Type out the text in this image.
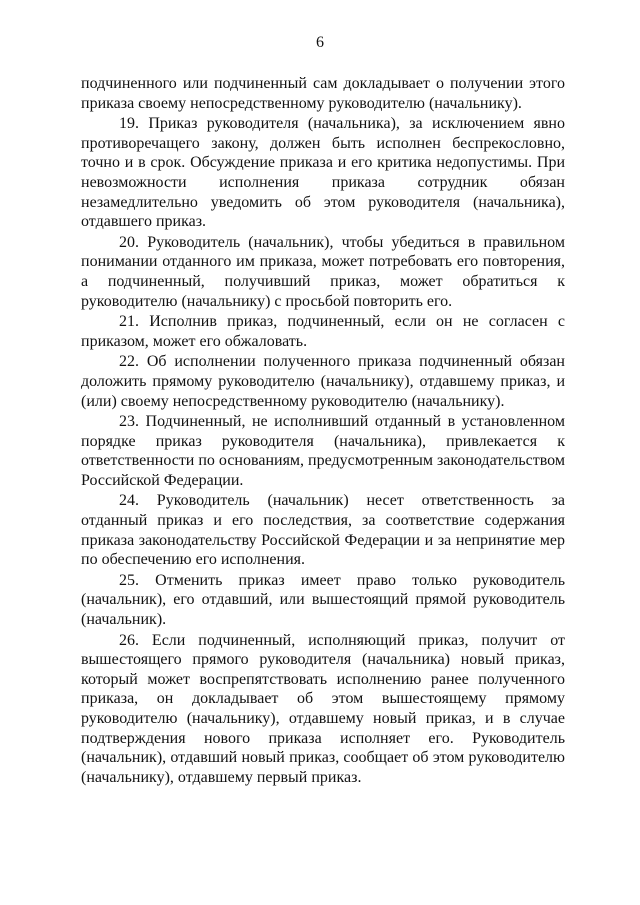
6

подчиненного или подчиненный сам докладывает о получении этого приказа своему непосредственному руководителю (начальнику).

19. Приказ руководителя (начальника), за исключением явно противоречащего закону, должен быть исполнен беспрекословно, точно и в срок. Обсуждение приказа и его критика недопустимы. При невозможности исполнения приказа сотрудник обязан незамедлительно уведомить об этом руководителя (начальника), отдавшего приказ.

20. Руководитель (начальник), чтобы убедиться в правильном понимании отданного им приказа, может потребовать его повторения, а подчиненный, получивший приказ, может обратиться к руководителю (начальнику) с просьбой повторить его.

21. Исполнив приказ, подчиненный, если он не согласен с приказом, может его обжаловать.

22. Об исполнении полученного приказа подчиненный обязан доложить прямому руководителю (начальнику), отдавшему приказ, и (или) своему непосредственному руководителю (начальнику).

23. Подчиненный, не исполнивший отданный в установленном порядке приказ руководителя (начальника), привлекается к ответственности по основаниям, предусмотренным законодательством Российской Федерации.

24. Руководитель (начальник) несет ответственность за отданный приказ и его последствия, за соответствие содержания приказа законодательству Российской Федерации и за непринятие мер по обеспечению его исполнения.

25. Отменить приказ имеет право только руководитель (начальник), его отдавший, или вышестоящий прямой руководитель (начальник).

26. Если подчиненный, исполняющий приказ, получит от вышестоящего прямого руководителя (начальника) новый приказ, который может воспрепятствовать исполнению ранее полученного приказа, он докладывает об этом вышестоящему прямому руководителю (начальнику), отдавшему новый приказ, и в случае подтверждения нового приказа исполняет его. Руководитель (начальник), отдавший новый приказ, сообщает об этом руководителю (начальнику), отдавшему первый приказ.
